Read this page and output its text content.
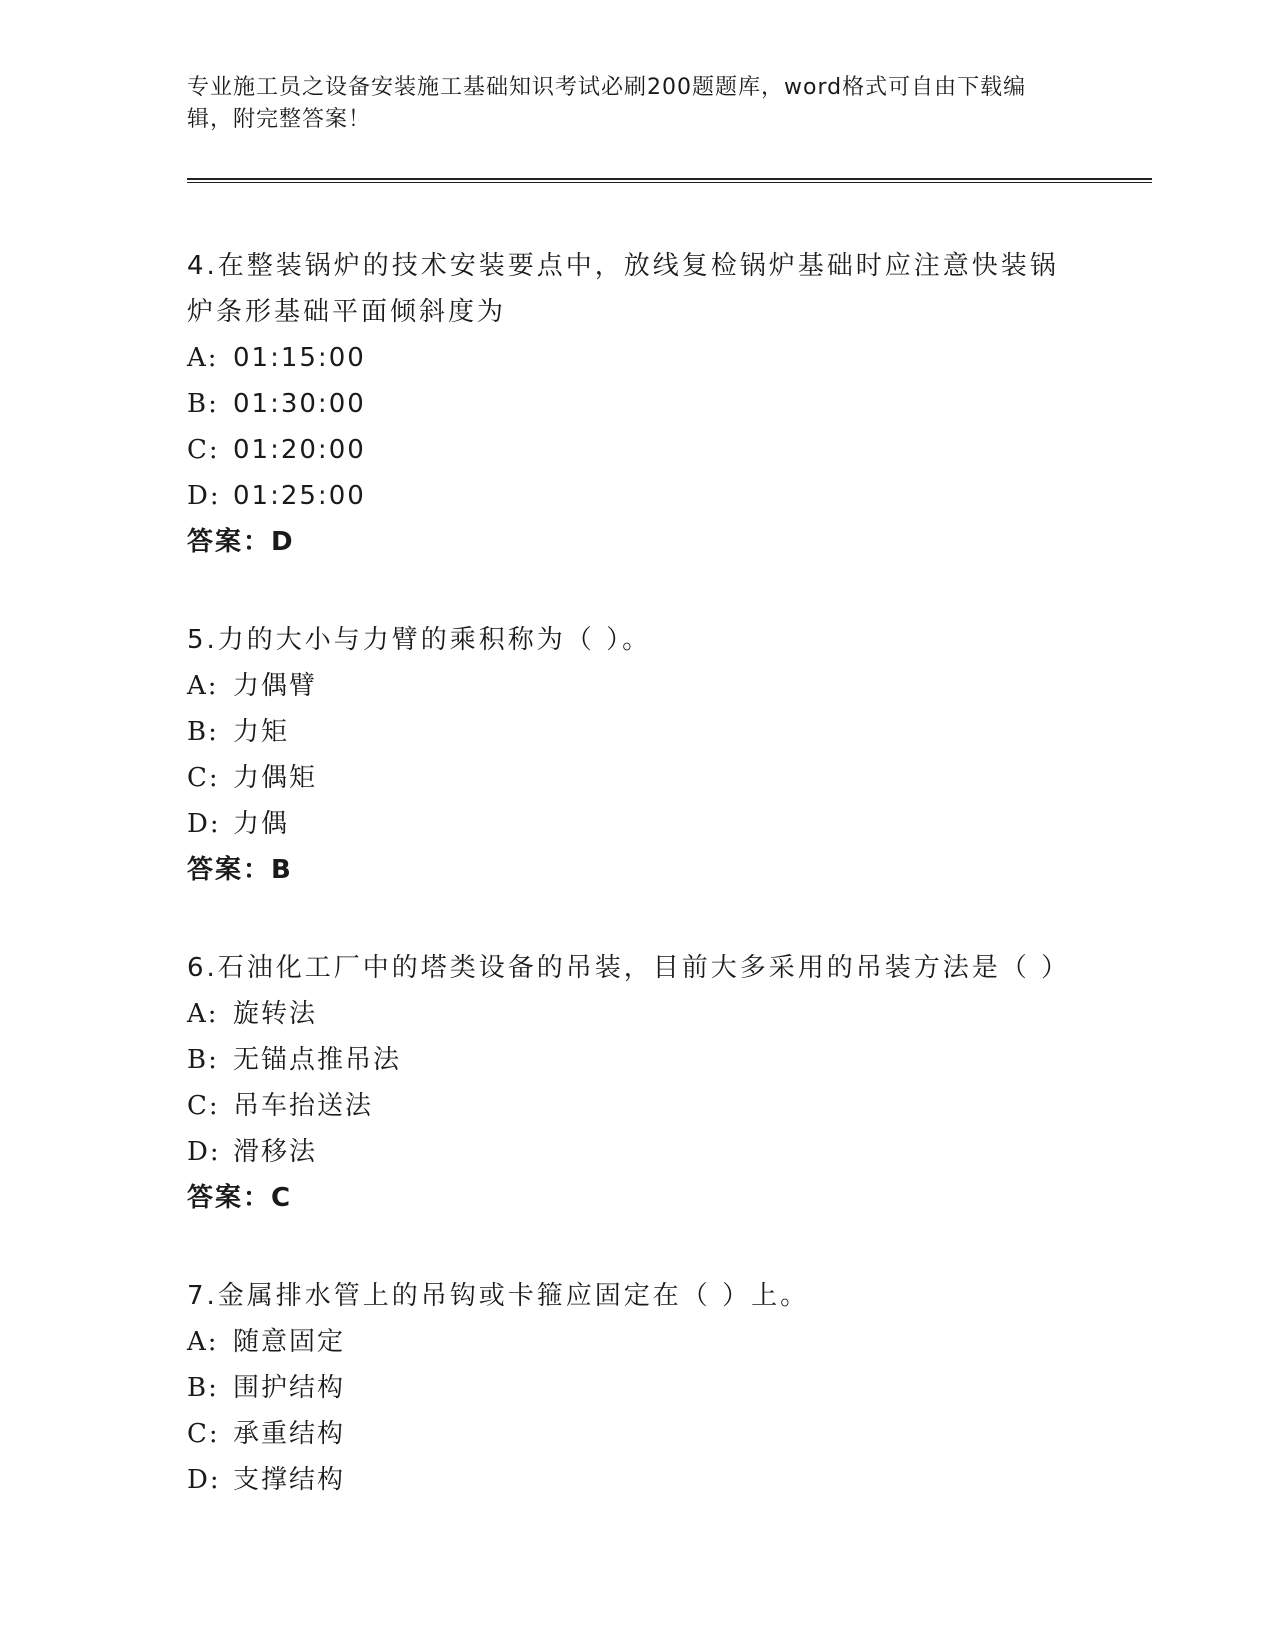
专业施工员之设备安装施工基础知识考试必刷200题题库，word格式可自由下载编辑，附完整答案！

4.在整装锅炉的技术安装要点中，放线复检锅炉基础时应注意快装锅炉条形基础平面倾斜度为

A: 01:15:00
B: 01:30:00
C: 01:20:00
D: 01:25:00
答案：D

5.力的大小与力臂的乘积称为（ ）。

A: 力偶臂
B: 力矩
C: 力偶矩
D: 力偶
答案：B

6.石油化工厂中的塔类设备的吊装，目前大多采用的吊装方法是（ ）

A: 旋转法
B: 无锚点推吊法
C: 吊车抬送法
D: 滑移法
答案：C

7.金属排水管上的吊钩或卡箍应固定在（ ）上。

A: 随意固定
B: 围护结构
C: 承重结构
D: 支撑结构
